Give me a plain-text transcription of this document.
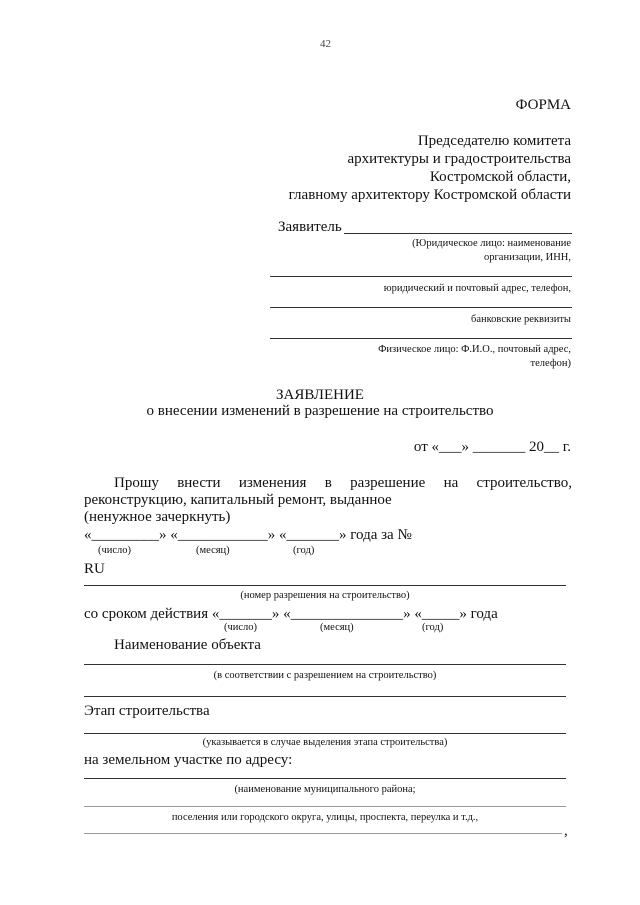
42
ФОРМА
Председателю комитета
архитектуры и градостроительства
Костромской области,
главному архитектору Костромской области
Заявитель
(Юридическое лицо: наименование
организации, ИНН,
юридический и почтовый адрес, телефон,
банковские реквизиты
Физическое лицо: Ф.И.О., почтовый адрес,
телефон)
ЗАЯВЛЕНИЕ
о внесении изменений в разрешение на строительство
от «___» _______ 20__ г.
Прошу внести изменения в разрешение на строительство,
реконструкцию, капитальный ремонт, выданное
(ненужное зачеркнуть)
«_________» «____________» «_______» года за №
(число)	(месяц)	(год)
RU
(номер разрешения на строительство)
со сроком действия «_______» «_______________» «_____» года
(число)	(месяц)	(год)
Наименование объекта
(в соответствии с разрешением на строительство)
Этап строительства
(указывается в случае выделения этапа строительства)
на земельном участке по адресу:
(наименование муниципального района;
поселения или городского округа, улицы, проспекта, переулка и т.д.,
,
